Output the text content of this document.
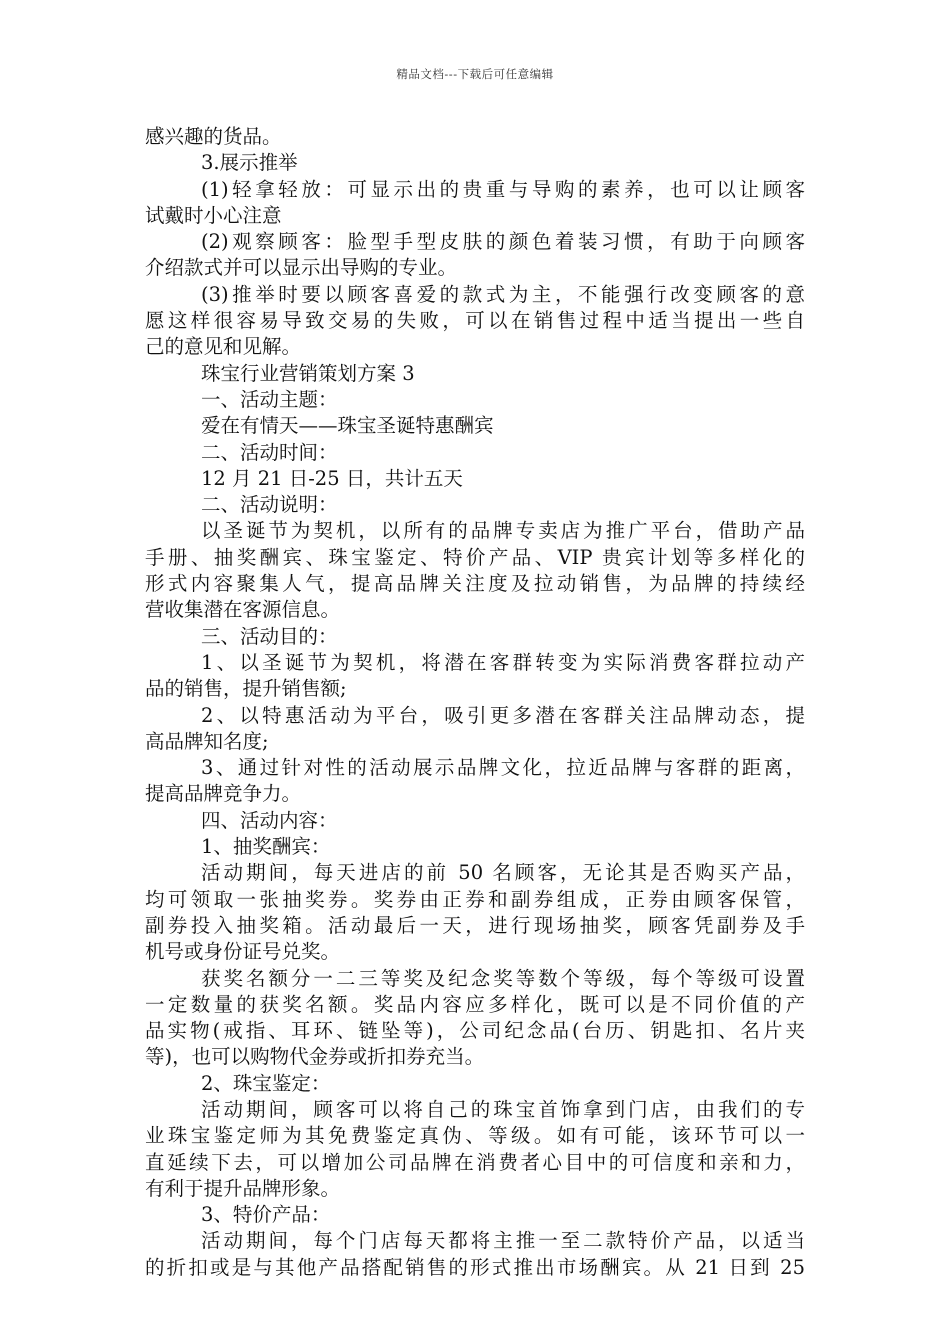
精品文档---下载后可任意编辑
感兴趣的货品。
3.展示推举
(1)轻拿轻放：可显示出的贵重与导购的素养，也可以让顾客
试戴时小心注意
(2)观察顾客：脸型手型皮肤的颜色着装习惯，有助于向顾客
介绍款式并可以显示出导购的专业。
(3)推举时要以顾客喜爱的款式为主，不能强行改变顾客的意
愿这样很容易导致交易的失败，可以在销售过程中适当提出一些自
己的意见和见解。
珠宝行业营销策划方案 3
一、活动主题：
爱在有情天——珠宝圣诞特惠酬宾
二、活动时间：
12 月 21 日-25 日，共计五天
二、活动说明：
以圣诞节为契机，以所有的品牌专卖店为推广平台，借助产品
手册、抽奖酬宾、珠宝鉴定、特价产品、VIP 贵宾计划等多样化的
形式内容聚集人气，提高品牌关注度及拉动销售，为品牌的持续经
营收集潜在客源信息。
三、活动目的：
1、以圣诞节为契机，将潜在客群转变为实际消费客群拉动产
品的销售，提升销售额;
2、以特惠活动为平台，吸引更多潜在客群关注品牌动态，提
高品牌知名度;
3、通过针对性的活动展示品牌文化，拉近品牌与客群的距离，
提高品牌竞争力。
四、活动内容：
1、抽奖酬宾：
活动期间，每天进店的前 50 名顾客，无论其是否购买产品，
均可领取一张抽奖券。奖券由正券和副券组成，正券由顾客保管，
副券投入抽奖箱。活动最后一天，进行现场抽奖，顾客凭副券及手
机号或身份证号兑奖。
获奖名额分一二三等奖及纪念奖等数个等级，每个等级可设置
一定数量的获奖名额。奖品内容应多样化，既可以是不同价值的产
品实物(戒指、耳环、链坠等)，公司纪念品(台历、钥匙扣、名片夹
等)，也可以购物代金券或折扣券充当。
2、珠宝鉴定：
活动期间，顾客可以将自己的珠宝首饰拿到门店，由我们的专
业珠宝鉴定师为其免费鉴定真伪、等级。如有可能，该环节可以一
直延续下去，可以增加公司品牌在消费者心目中的可信度和亲和力，
有利于提升品牌形象。
3、特价产品：
活动期间，每个门店每天都将主推一至二款特价产品，以适当
的折扣或是与其他产品搭配销售的形式推出市场酬宾。从 21 日到 25
